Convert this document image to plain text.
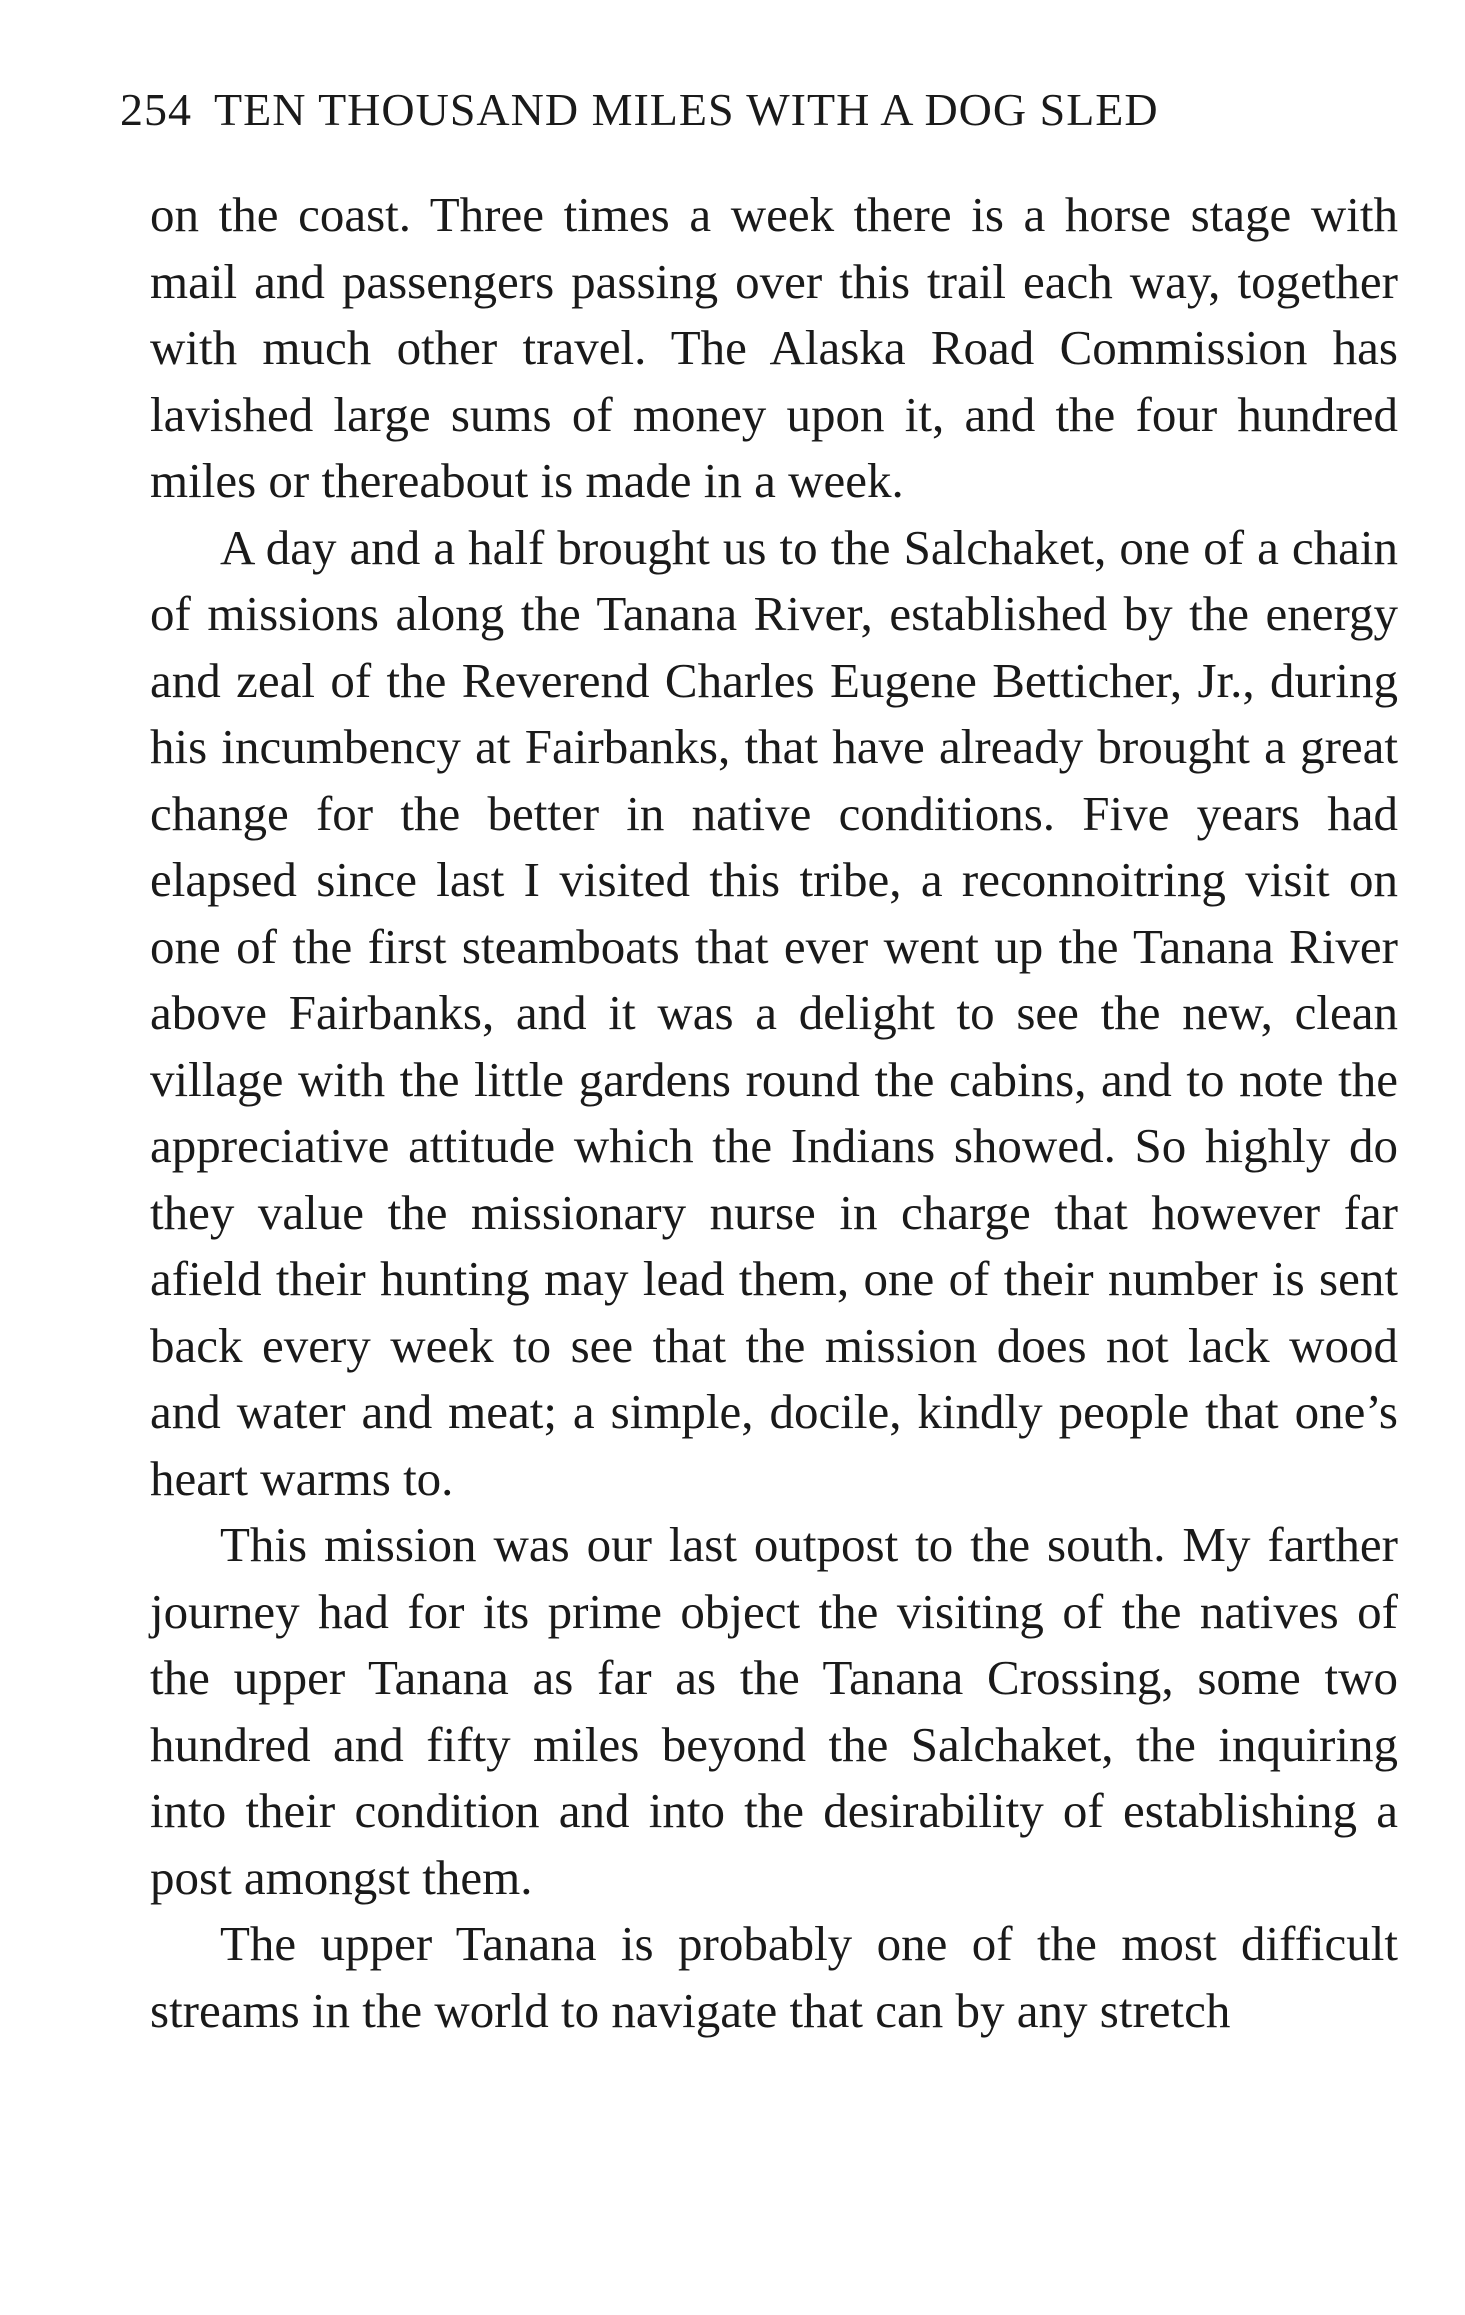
254 TEN THOUSAND MILES WITH A DOG SLED

on the coast. Three times a week there is a horse stage with mail and passengers passing over this trail each way, together with much other travel. The Alaska Road Commission has lavished large sums of money upon it, and the four hundred miles or thereabout is made in a week.

A day and a half brought us to the Salchaket, one of a chain of missions along the Tanana River, established by the energy and zeal of the Reverend Charles Eugene Betticher, Jr., during his incumbency at Fairbanks, that have already brought a great change for the better in native conditions. Five years had elapsed since last I visited this tribe, a reconnoitring visit on one of the first steamboats that ever went up the Tanana River above Fairbanks, and it was a delight to see the new, clean village with the little gardens round the cabins, and to note the appreciative attitude which the Indians showed. So highly do they value the missionary nurse in charge that however far afield their hunting may lead them, one of their number is sent back every week to see that the mission does not lack wood and water and meat; a simple, docile, kindly people that one’s heart warms to.

This mission was our last outpost to the south. My farther journey had for its prime object the visiting of the natives of the upper Tanana as far as the Tanana Crossing, some two hundred and fifty miles beyond the Salchaket, the inquiring into their condition and into the desirability of establishing a post amongst them.

The upper Tanana is probably one of the most difficult streams in the world to navigate that can by any stretch
